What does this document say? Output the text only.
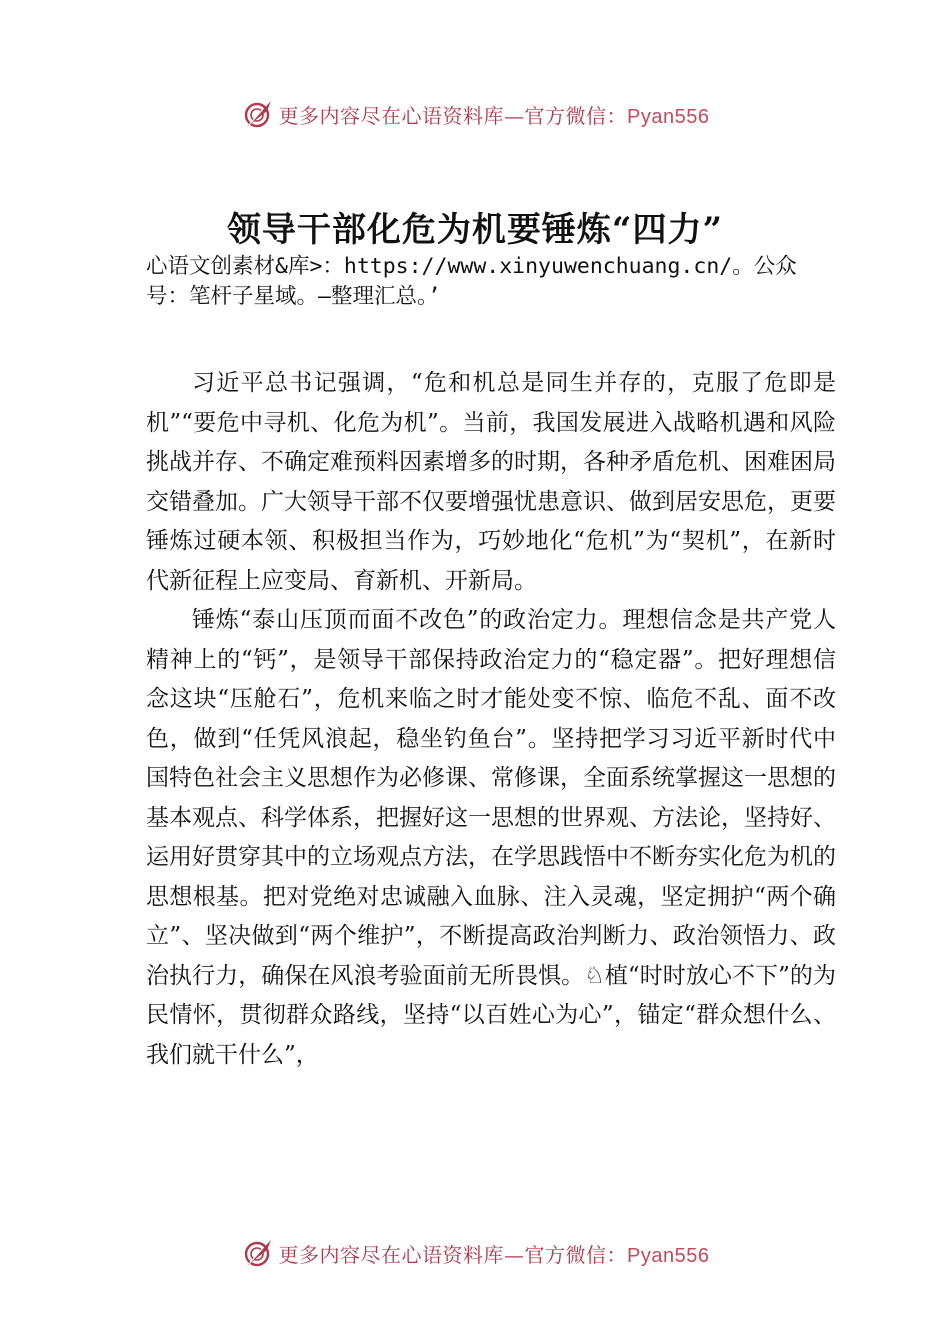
更多内容尽在心语资料库—官方微信：Pyan556
领导干部化危为机要锤炼“四力”
心语文创素材&库>：https://www.xinyuwenchuang.cn/。公众号：笔杆子星域。—整理汇总。’

习近平总书记强调，“危和机总是同生并存的，克服了危即是机”“要危中寻机、化危为机”。当前，我国发展进入战略机遇和风险挑战并存、不确定难预料因素增多的时期，各种矛盾危机、困难困局交错叠加。广大领导干部不仅要增强忧患意识、做到居安思危，更要锤炼过硬本领、积极担当作为，巧妙地化“危机”为“契机”，在新时代新征程上应变局、育新机、开新局。

锤炼“泰山压顶而面不改色”的政治定力。理想信念是共产党人精神上的“钙”，是领导干部保持政治定力的“稳定器”。把好理想信念这块“压舱石”，危机来临之时才能处变不惊、临危不乱、面不改色，做到“任凭风浪起，稳坐钓鱼台”。坚持把学习习近平新时代中国特色社会主义思想作为必修课、常修课，全面系统掌握这一思想的基本观点、科学体系，把握好这一思想的世界观、方法论，坚持好、运用好贯穿其中的立场观点方法，在学思践悟中不断夯实化危为机的思想根基。把对党绝对忠诚融入血脉、注入灵魂，坚定拥护“两个确立”、坚决做到“两个维护”，不断提高政治判断力、政治领悟力、政治执行力，确保在风浪考验面前无所畏惧。♘植“时时放心不下”的为民情怀，贯彻群众路线，坚持“以百姓心为心”，锚定“群众想什么、我们就干什么”，

更多内容尽在心语资料库—官方微信：Pyan556
